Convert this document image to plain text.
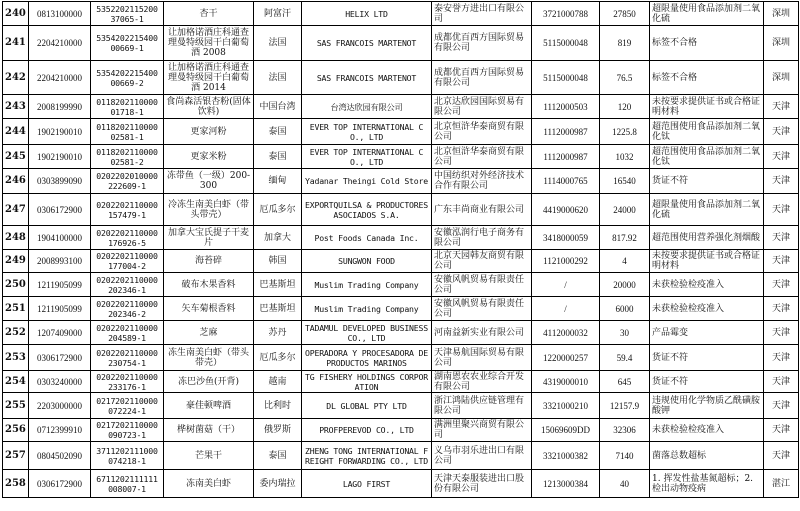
240	0813100000	5352202115200 37065-1	杏干	阿富汗	HELIX LTD	泰安誉方进出口有限公司	3721000788	27850	超限量使用食品添加剂二氧化硫	深圳
241	2204210000	5354202215400 00669-1	让加格诺酒庄科通查理曼特级园干白葡萄酒 2008	法国	SAS FRANCOIS MARTENOT	成都优百西方国际贸易有限公司	5115000048	819	标签不合格	深圳
242	2204210000	5354202215400 00669-2	让加格诺酒庄科通查理曼特级园干白葡萄酒 2014	法国	SAS FRANCOIS MARTENOT	成都优百西方国际贸易有限公司	5115000048	76.5	标签不合格	深圳
243	2008199990	0118202110000 01718-1	食尚森活银杏粉(固体饮料)	中国台湾	台湾达欣园有限公司	北京达欣园国际贸易有限公司	1112000503	120	未按要求提供证书或合格证明材料	天津
244	1902190010	0118202110000 02581-1	更家河粉	泰国	EVER TOP INTERNATIONAL CO., LTD	北京恒浒华泰商贸有限公司	1112000987	1225.8	超范围使用食品添加剂二氧化钛	天津
245	1902190010	0118202110000 02581-2	更家米粉	泰国	EVER TOP INTERNATIONAL CO., LTD	北京恒浒华泰商贸有限公司	1112000987	1032	超范围使用食品添加剂二氧化钛	天津
246	0303899090	0202202010000 222609-1	冻带鱼（一级）200-300	缅甸	Yadanar Theingi Cold Store	中国纺织对外经济技术合作有限公司	1114000765	16540	货证不符	天津
247	0306172900	0202202110000 157479-1	冷冻生南美白虾（带头带壳）	厄瓜多尔	EXPORTQUILSA & PRODUCTORES ASOCIADOS S.A.	广东丰尚商业有限公司	4419000620	24000	超限量使用食品添加剂二氧化硫	天津
248	1904100000	0202202110000 176926-5	加拿大宝氏提子干麦片	加拿大	Post Foods Canada Inc.	安徽泓润行电子商务有限公司	3418000059	817.92	超范围使用营养强化剂烟酸	天津
249	2008993100	0202202110000 177004-2	海苔碎	韩国	SUNGWON FOOD	北京天园韩友商贸有限公司	1121000292	4	未按要求提供证书或合格证明材料	天津
250	1211905099	0202202110000 202346-1	破布木果香料	巴基斯坦	Muslim Trading Company	安徽风帆贸易有限责任公司	/	20000	未获检验检疫准入	天津
251	1211905099	0202202110000 202346-2	矢车菊根香料	巴基斯坦	Muslim Trading Company	安徽风帆贸易有限责任公司	/	6000	未获检验检疫准入	天津
252	1207409000	0202202110000 204589-1	芝麻	苏丹	TADAMUL DEVELOPED BUSINESS CO., LTD	河南益新实业有限公司	4112000032	30	产品霉变	天津
253	0306172900	0202202110000 230754-1	冻生南美白虾（带头带壳）	厄瓜多尔	OPERADORA Y PROCESADORA DE PRODUCTOS MARINOS	天津易航国际贸易有限公司	1220000257	59.4	货证不符	天津
254	0303240000	0202202110000 233176-1	冻巴沙鱼(开背)	越南	TG FISHERY HOLDINGS CORPORATION	湖南恩农农业综合开发有限公司	4319000010	645	货证不符	天津
255	2203000000	0217202110000 072224-1	豪佳顿啤酒	比利时	DL GLOBAL PTY LTD	浙江鸿陆供应链管理有限公司	3321000210	12157.9	违规使用化学物质乙酰磺胺酸钾	天津
256	0712399910	0217202110000 090723-1	桦树菌菇（干）	俄罗斯	PROFPEREVOD CO., LTD	满洲里聚兴商贸有限公司	15069609DD	32306	未获检验检疫准入	天津
257	0804502090	3711202111000 074218-1	芒果干	泰国	ZHENG TONG INTERNATIONAL FREIGHT FORWARDING CO., LTD	义乌市羽乐进出口有限公司	3321000382	7140	菌落总数超标	天津
258	0306172900	6711202111111 008007-1	冻南美白虾	委内瑞拉	LAGO FIRST	天津天泰服装进出口股份有限公司	1213000384	40	1. 挥发性盐基氮超标；2. 检出动物疫病	湛江
